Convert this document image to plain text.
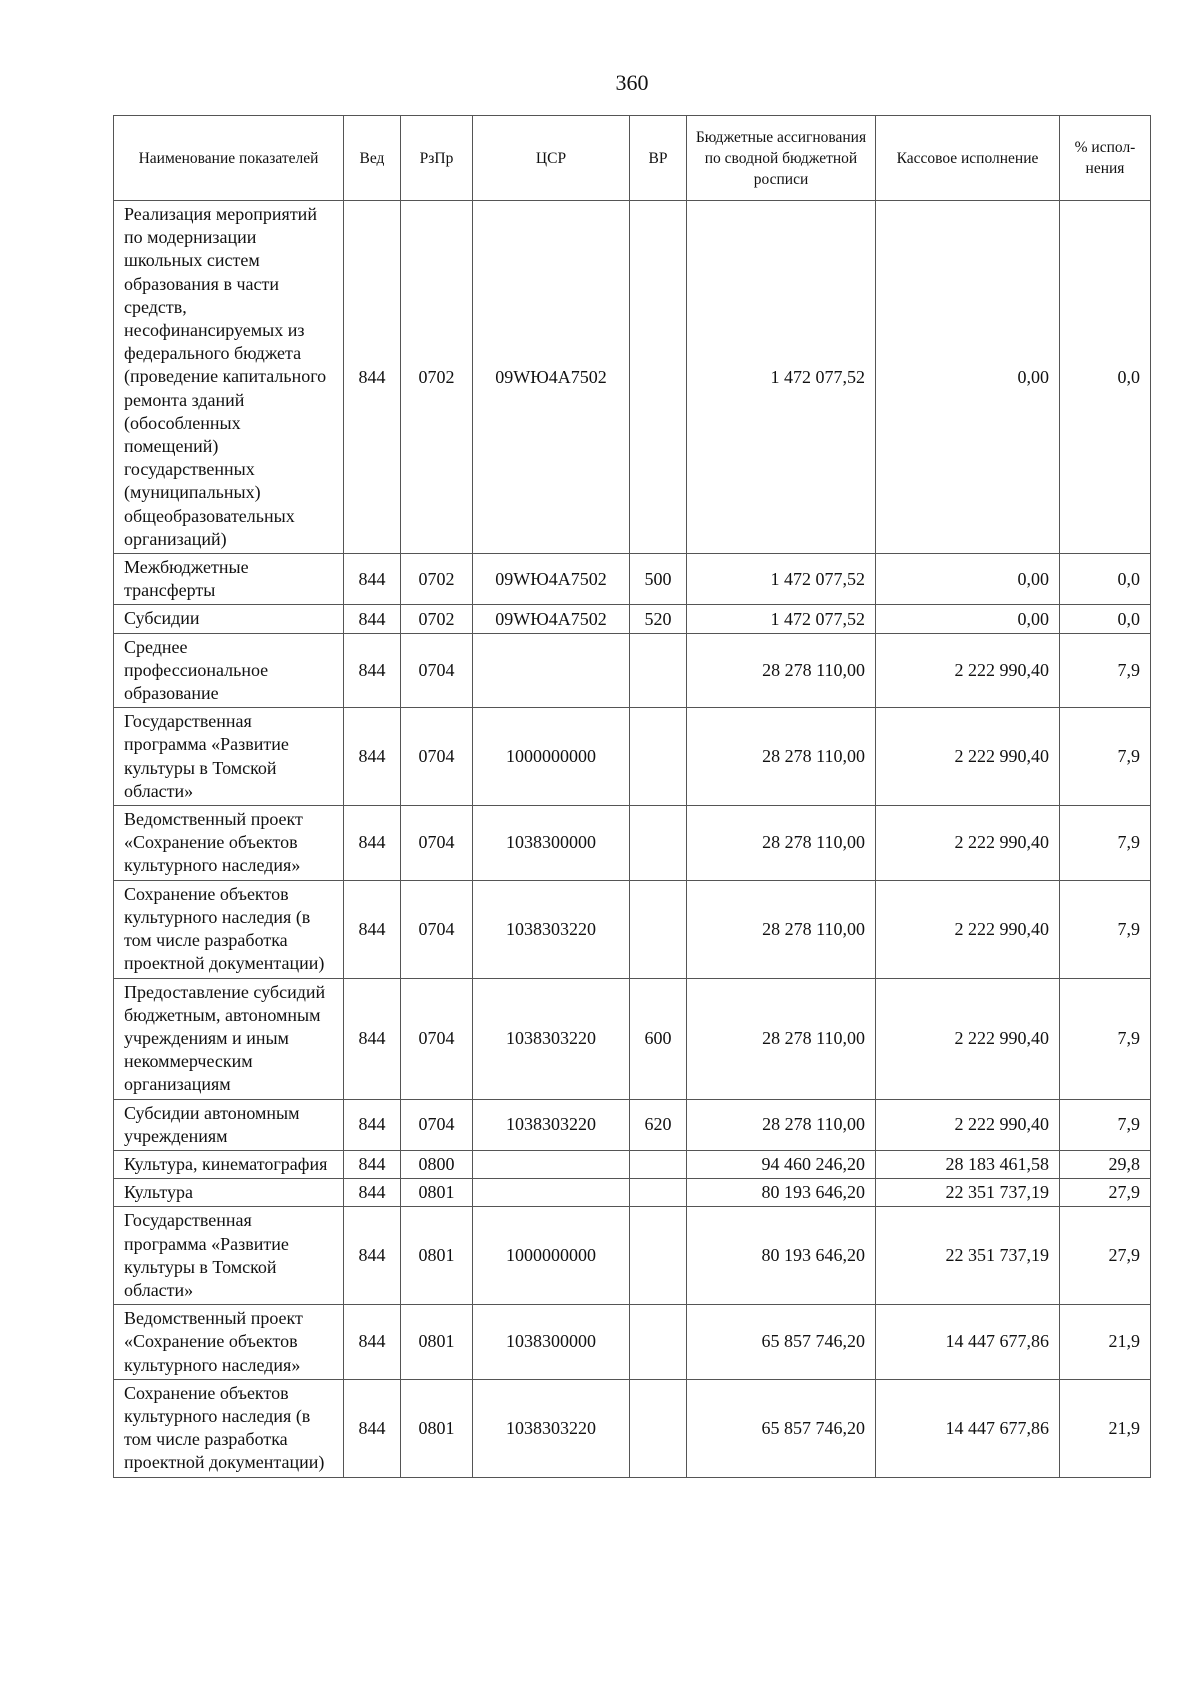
360
Наименование показателей	Вед	РзПр	ЦСР	ВР	Бюджетные ассигнования по сводной бюджетной росписи	Кассовое исполнение	% испол-нения
Реализация мероприятий по модернизации школьных систем образования в части средств, несофинансируемых из федерального бюджета (проведение капитального ремонта зданий (обособленных помещений) государственных (муниципальных) общеобразовательных организаций)	844	0702	09WЮ4A7502		1 472 077,52	0,00	0,0
Межбюджетные трансферты	844	0702	09WЮ4A7502	500	1 472 077,52	0,00	0,0
Субсидии	844	0702	09WЮ4A7502	520	1 472 077,52	0,00	0,0
Среднее профессиональное образование	844	0704			28 278 110,00	2 222 990,40	7,9
Государственная программа «Развитие культуры в Томской области»	844	0704	1000000000		28 278 110,00	2 222 990,40	7,9
Ведомственный проект «Сохранение объектов культурного наследия»	844	0704	1038300000		28 278 110,00	2 222 990,40	7,9
Сохранение объектов культурного наследия (в том числе разработка проектной документации)	844	0704	1038303220		28 278 110,00	2 222 990,40	7,9
Предоставление субсидий бюджетным, автономным учреждениям и иным некоммерческим организациям	844	0704	1038303220	600	28 278 110,00	2 222 990,40	7,9
Субсидии автономным учреждениям	844	0704	1038303220	620	28 278 110,00	2 222 990,40	7,9
Культура, кинематография	844	0800			94 460 246,20	28 183 461,58	29,8
Культура	844	0801			80 193 646,20	22 351 737,19	27,9
Государственная программа «Развитие культуры в Томской области»	844	0801	1000000000		80 193 646,20	22 351 737,19	27,9
Ведомственный проект «Сохранение объектов культурного наследия»	844	0801	1038300000		65 857 746,20	14 447 677,86	21,9
Сохранение объектов культурного наследия (в том числе разработка проектной документации)	844	0801	1038303220		65 857 746,20	14 447 677,86	21,9
